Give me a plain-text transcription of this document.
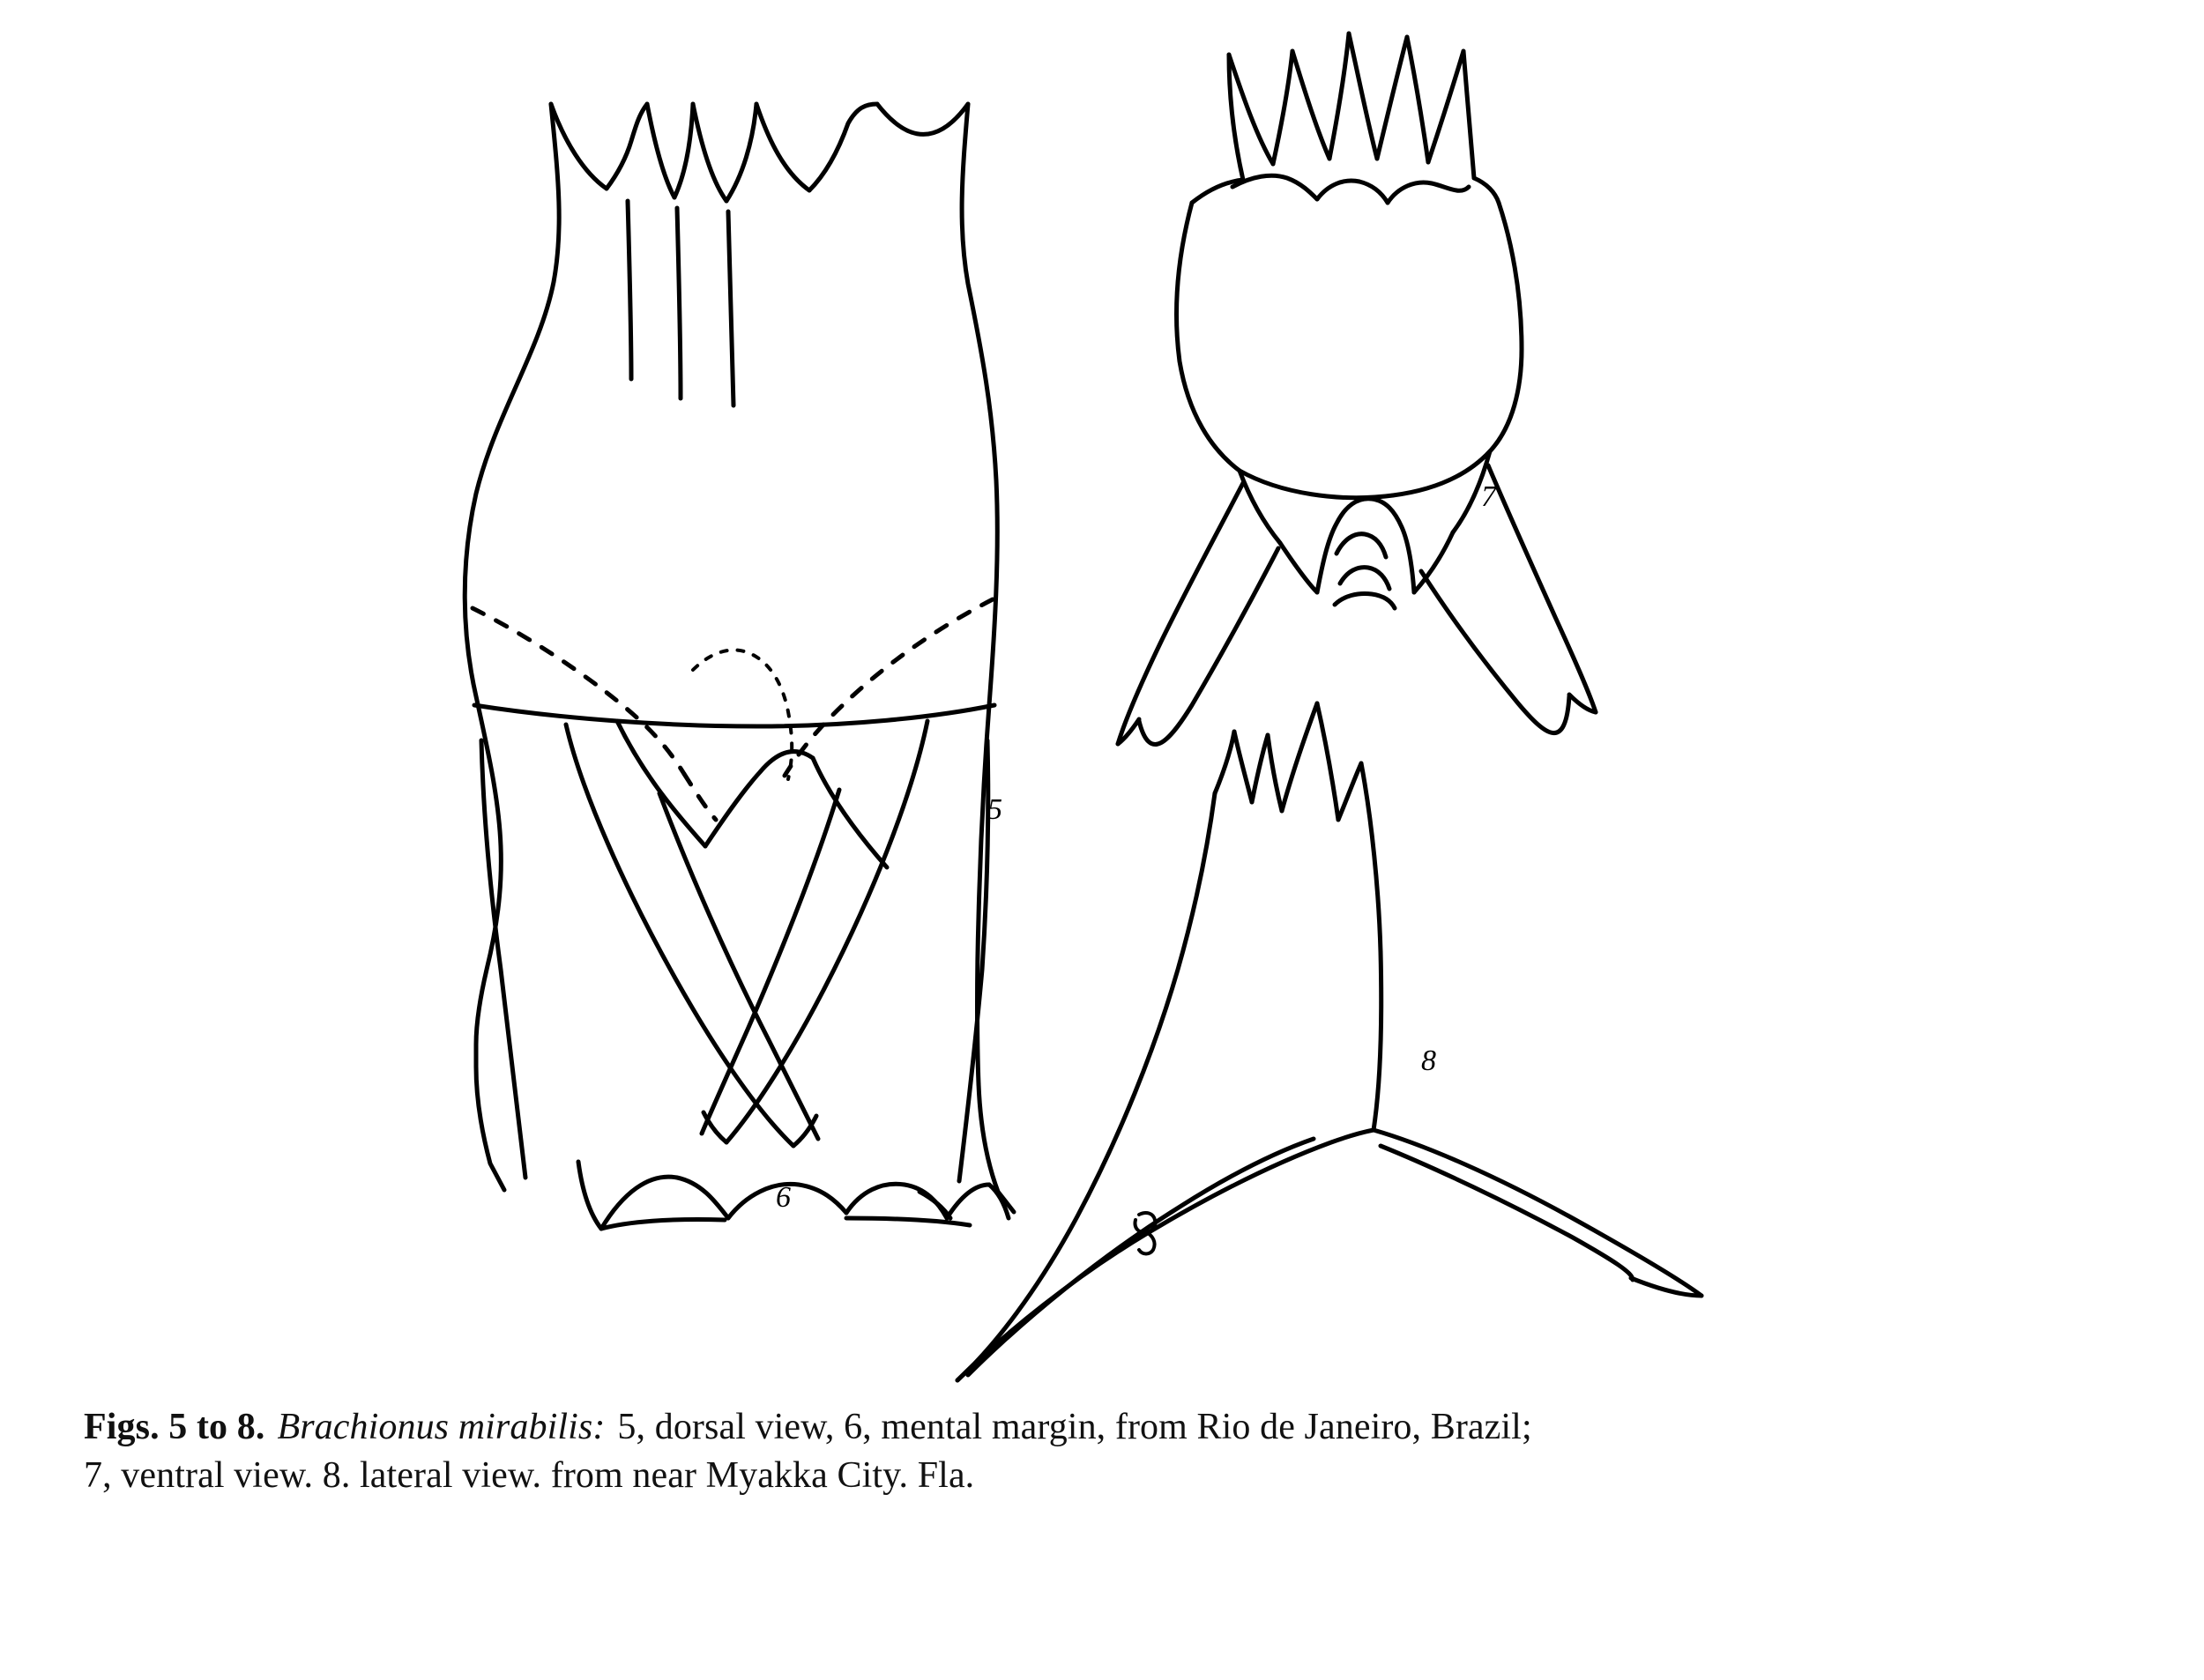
5
6
7
8
Figs. 5 to 8. Brachionus mirabilis: 5, dorsal view, 6, mental margin, from Rio de Janeiro, Brazil;
7, ventral view. 8. lateral view. from near Myakka City. Fla.
